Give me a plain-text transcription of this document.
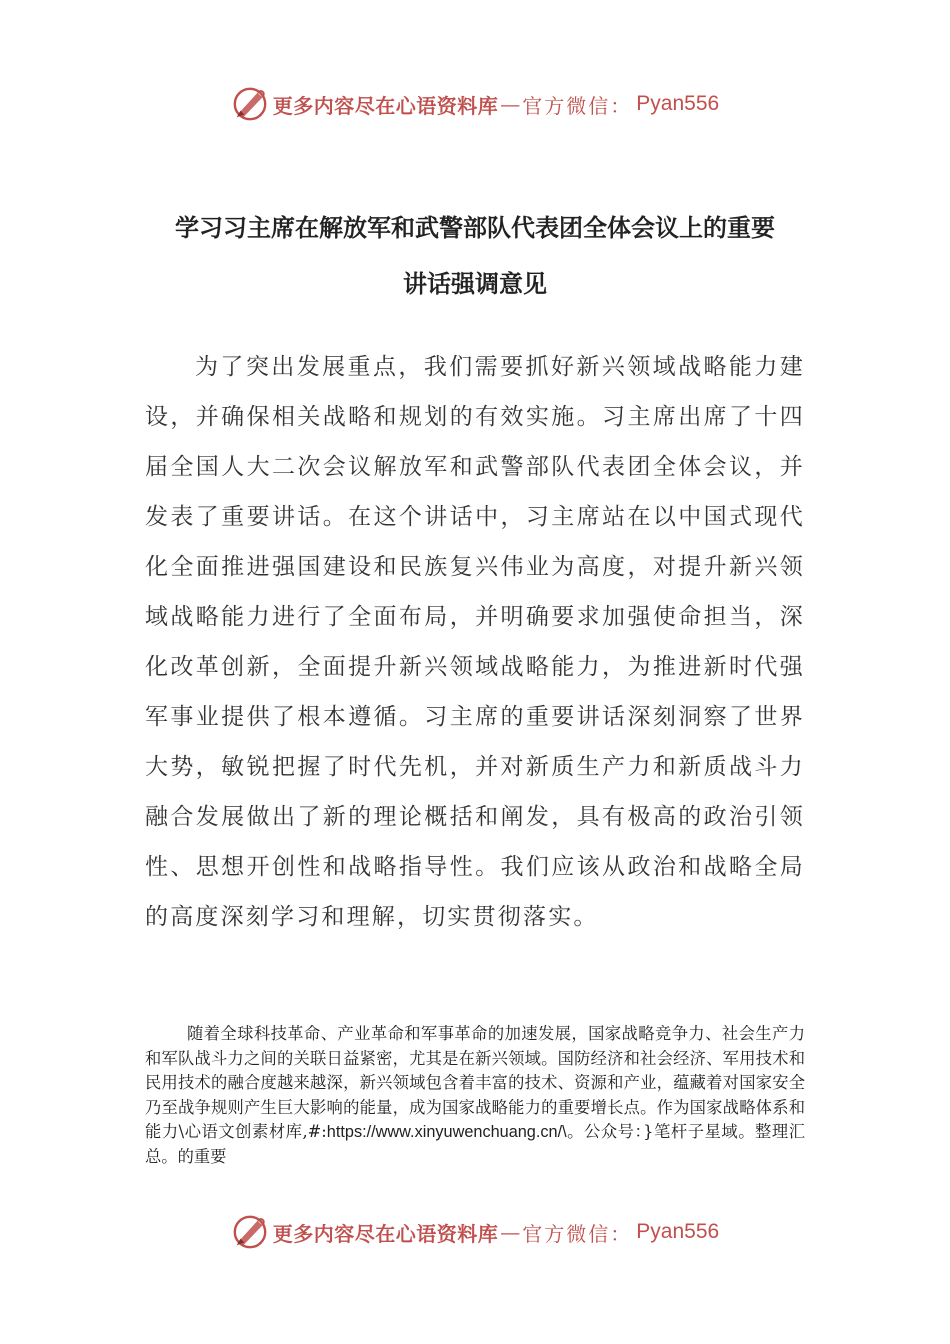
更多内容尽在心语资料库 — 官方微信： Pyan556
学习习主席在解放军和武警部队代表团全体会议上的重要
讲话强调意见

为了突出发展重点，我们需要抓好新兴领域战略能力建设，并确保相关战略和规划的有效实施。习主席出席了十四届全国人大二次会议解放军和武警部队代表团全体会议，并发表了重要讲话。在这个讲话中，习主席站在以中国式现代化全面推进强国建设和民族复兴伟业为高度，对提升新兴领域战略能力进行了全面布局，并明确要求加强使命担当，深化改革创新，全面提升新兴领域战略能力，为推进新时代强军事业提供了根本遵循。习主席的重要讲话深刻洞察了世界大势，敏锐把握了时代先机，并对新质生产力和新质战斗力融合发展做出了新的理论概括和阐发，具有极高的政治引领性、思想开创性和战略指导性。我们应该从政治和战略全局的高度深刻学习和理解，切实贯彻落实。

随着全球科技革命、产业革命和军事革命的加速发展，国家战略竞争力、社会生产力和军队战斗力之间的关联日益紧密，尤其是在新兴领域。国防经济和社会经济、军用技术和民用技术的融合度越来越深，新兴领域包含着丰富的技术、资源和产业，蕴藏着对国家安全乃至战争规则产生巨大影响的能量，成为国家战略能力的重要增长点。作为国家战略体系和能力\心语文创素材库,#:https://www.xinyuwenchuang.cn/\。公众号：}笔杆子星域。整理汇总。的重要

更多内容尽在心语资料库 — 官方微信： Pyan556
